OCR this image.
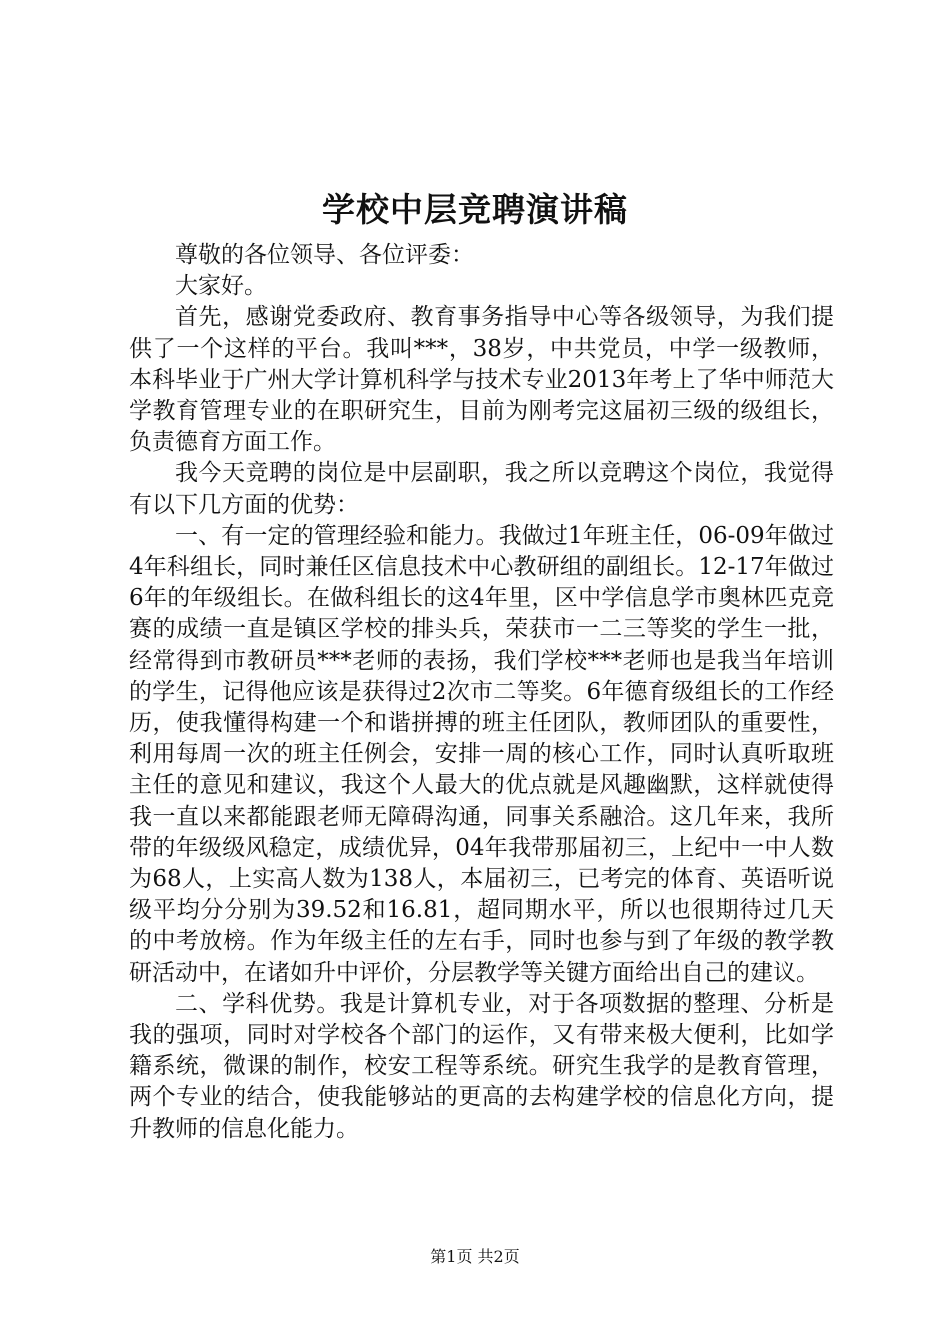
学校中层竞聘演讲稿

尊敬的各位领导、各位评委：

大家好。

首先，感谢党委政府、教育事务指导中心等各级领导，为我们提供了一个这样的平台。我叫***，38岁，中共党员，中学一级教师，本科毕业于广州大学计算机科学与技术专业2013年考上了华中师范大学教育管理专业的在职研究生，目前为刚考完这届初三级的级组长，负责德育方面工作。

我今天竞聘的岗位是中层副职，我之所以竞聘这个岗位，我觉得有以下几方面的优势：

一、有一定的管理经验和能力。我做过1年班主任，06-09年做过4年科组长，同时兼任区信息技术中心教研组的副组长。12-17年做过6年的年级组长。在做科组长的这4年里，区中学信息学市奥林匹克竞赛的成绩一直是镇区学校的排头兵，荣获市一二三等奖的学生一批，经常得到市教研员***老师的表扬，我们学校***老师也是我当年培训的学生，记得他应该是获得过2次市二等奖。6年德育级组长的工作经历，使我懂得构建一个和谐拼搏的班主任团队，教师团队的重要性，利用每周一次的班主任例会，安排一周的核心工作，同时认真听取班主任的意见和建议，我这个人最大的优点就是风趣幽默，这样就使得我一直以来都能跟老师无障碍沟通，同事关系融洽。这几年来，我所带的年级级风稳定，成绩优异，04年我带那届初三，上纪中一中人数为68人，上实高人数为138人，本届初三，已考完的体育、英语听说级平均分分别为39.52和16.81，超同期水平，所以也很期待过几天的中考放榜。作为年级主任的左右手，同时也参与到了年级的教学教研活动中，在诸如升中评价，分层教学等关键方面给出自己的建议。

二、学科优势。我是计算机专业，对于各项数据的整理、分析是我的强项，同时对学校各个部门的运作，又有带来极大便利，比如学籍系统，微课的制作，校安工程等系统。研究生我学的是教育管理，两个专业的结合，使我能够站的更高的去构建学校的信息化方向，提升教师的信息化能力。

第1页 共2页
